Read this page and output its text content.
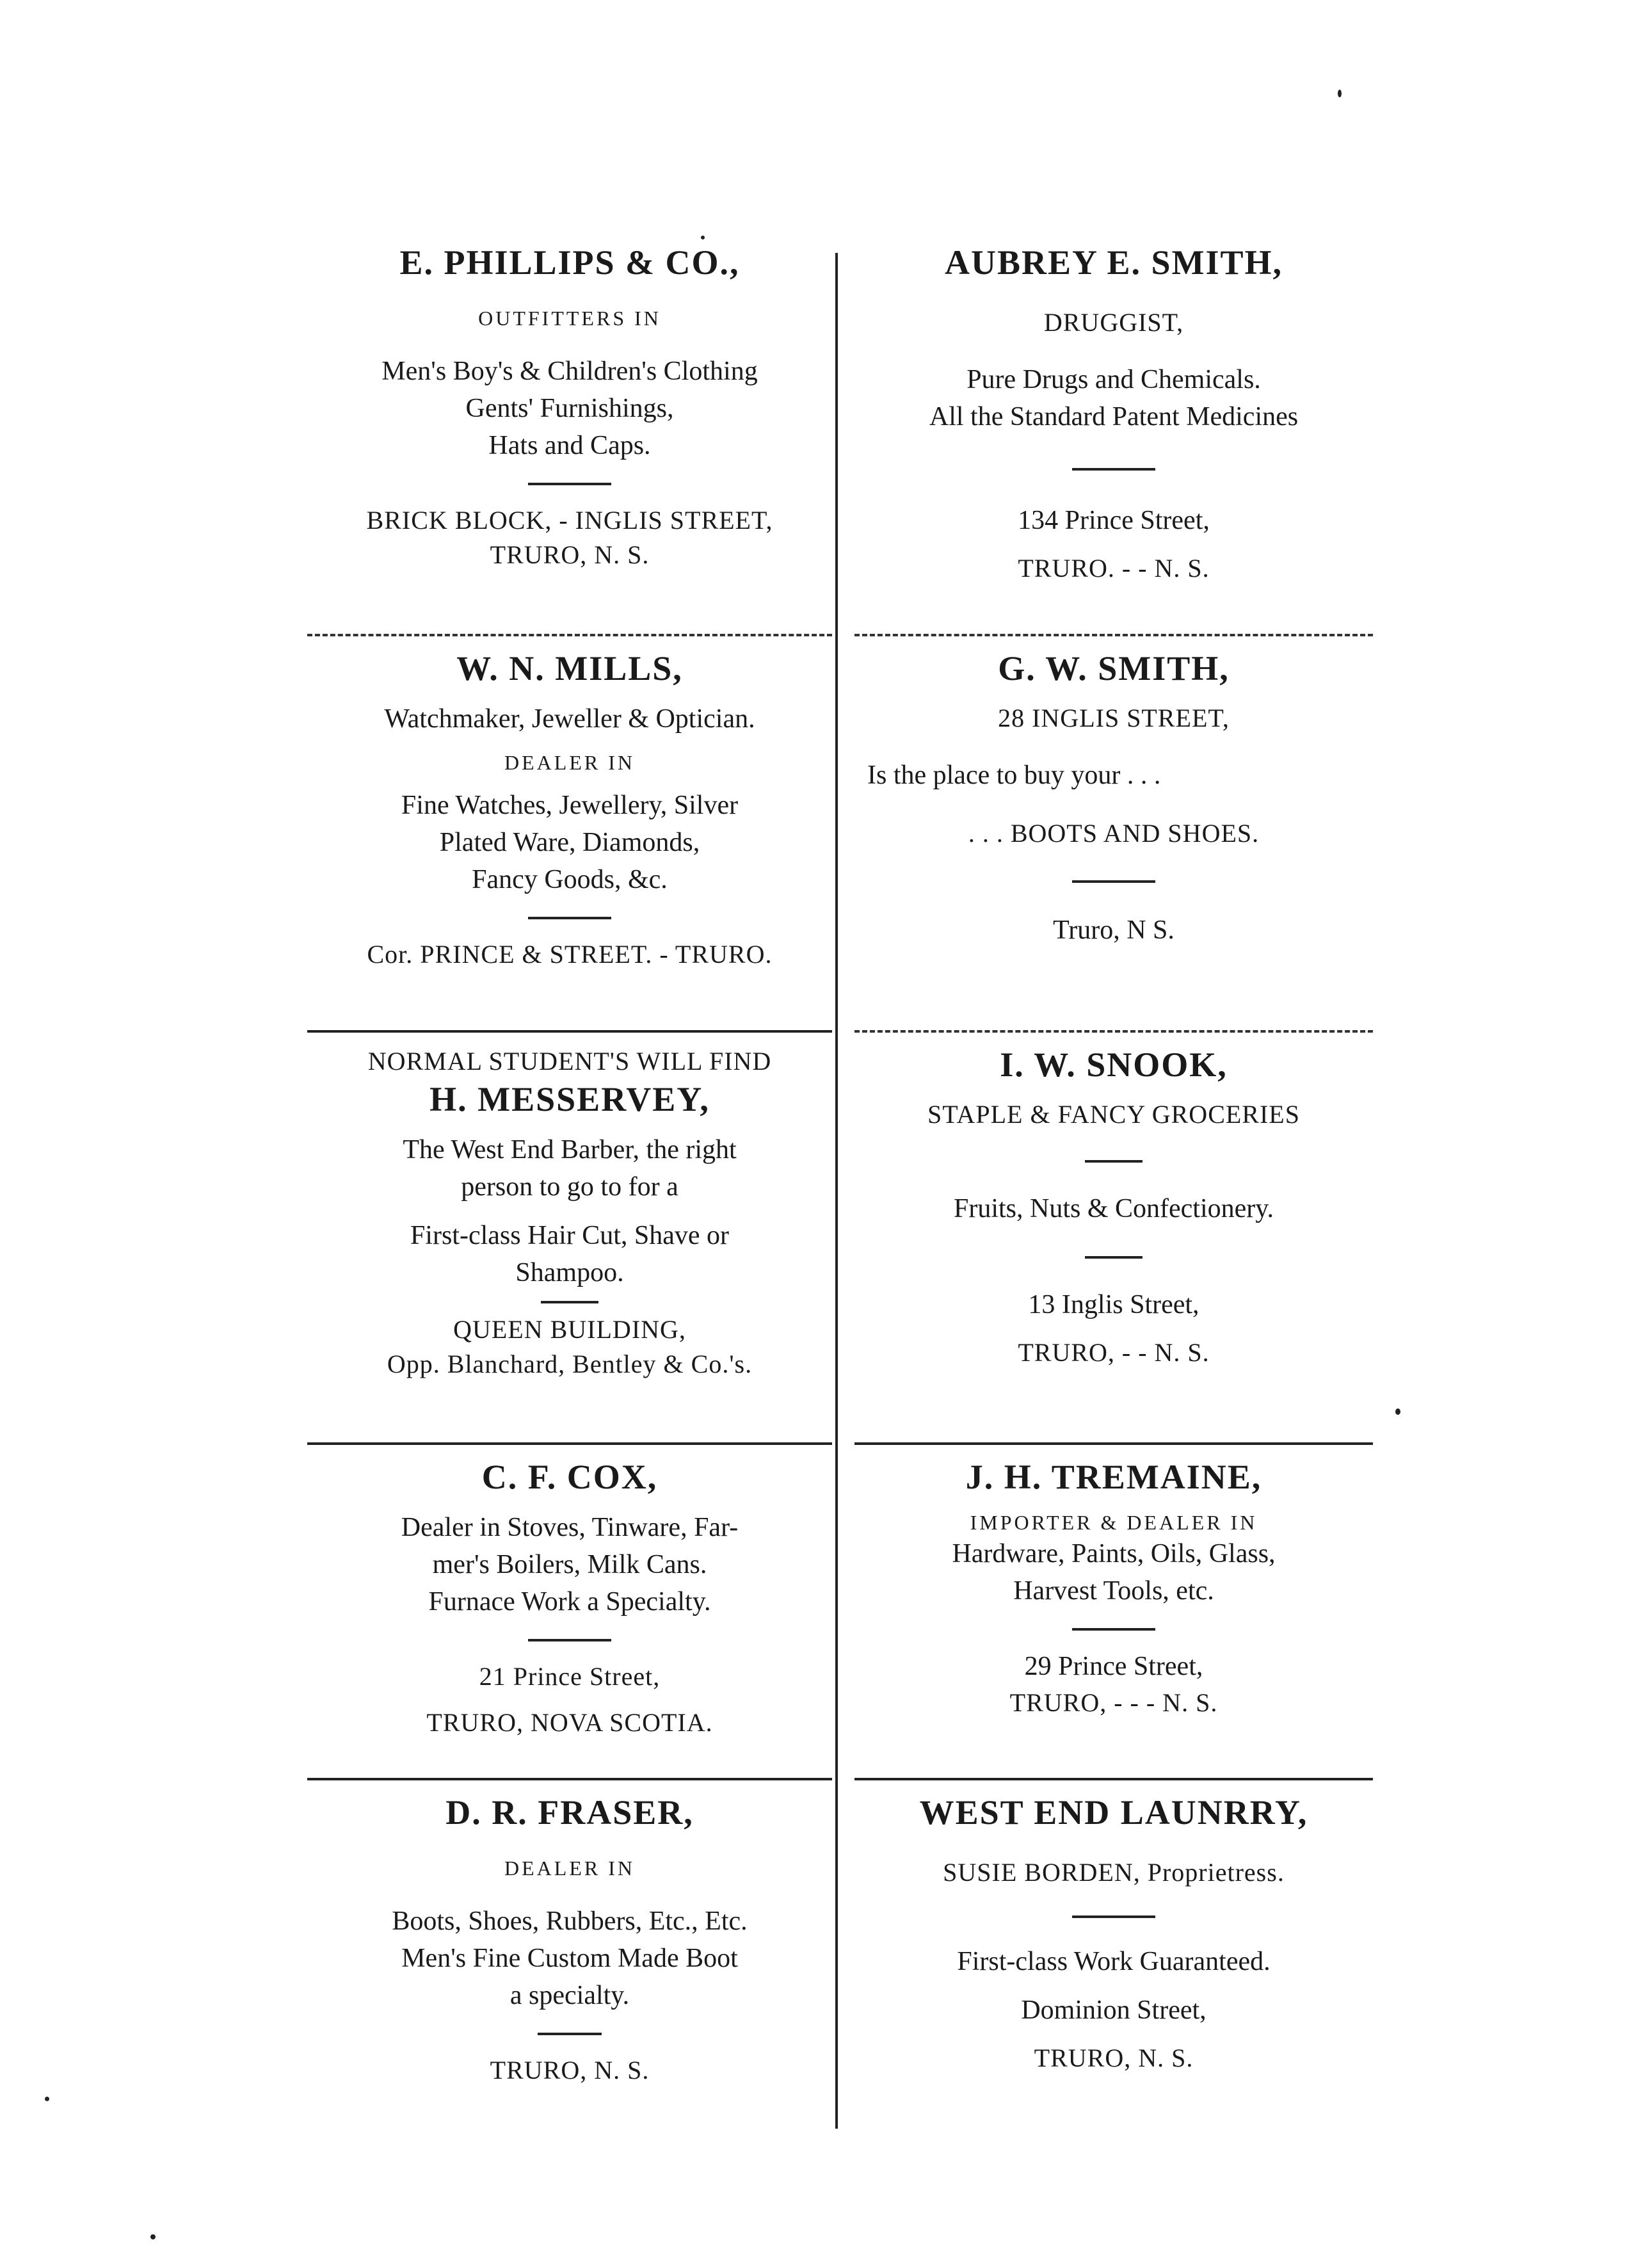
E. PHILLIPS & CO.,
OUTFITTERS IN
Men's Boy's & Children's Clothing
Gents' Furnishings,
Hats and Caps.
BRICK BLOCK, - INGLIS STREET,
TRURO, N. S.
W. N. MILLS,
Watchmaker, Jeweller & Optician.
DEALER IN
Fine Watches, Jewellery, Silver
Plated Ware, Diamonds,
Fancy Goods, &c.
Cor. PRINCE & STREET. - TRURO.
NORMAL STUDENT'S WILL FIND
H. MESSERVEY,
The West End Barber, the right
person to go to for a
First-class Hair Cut, Shave or
Shampoo.
QUEEN BUILDING,
Opp. Blanchard, Bentley & Co.'s.
C. F. COX,
Dealer in Stoves, Tinware, Far-
mer's Boilers, Milk Cans.
Furnace Work a Specialty.
21 Prince Street,
TRURO, NOVA SCOTIA.
D. R. FRASER,
DEALER IN
Boots, Shoes, Rubbers, Etc., Etc.
Men's Fine Custom Made Boot
a specialty.
TRURO, N. S.
AUBREY E. SMITH,
DRUGGIST,
Pure Drugs and Chemicals.
All the Standard Patent Medicines
134 Prince Street,
TRURO. - - N. S.
G. W. SMITH,
28 INGLIS STREET,
Is the place to buy your . . .
. . . BOOTS AND SHOES.
Truro, N S.
I. W. SNOOK,
STAPLE & FANCY GROCERIES
Fruits, Nuts & Confectionery.
13 Inglis Street,
TRURO, - - N. S.
J. H. TREMAINE,
IMPORTER & DEALER IN
Hardware, Paints, Oils, Glass,
Harvest Tools, etc.
29 Prince Street,
TRURO, - - - N. S.
WEST END LAUNRRY,
SUSIE BORDEN, Proprietress.
First-class Work Guaranteed.
Dominion Street,
TRURO, N. S.
